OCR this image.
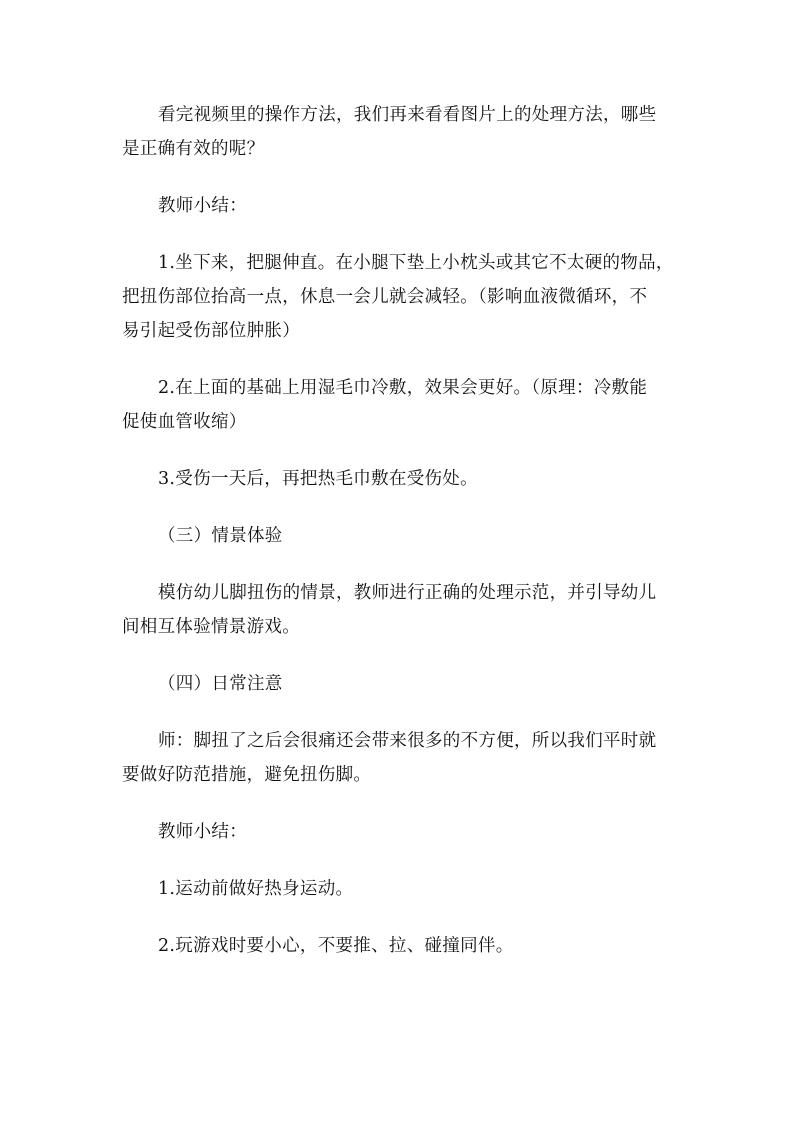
看完视频里的操作方法，我们再来看看图片上的处理方法，哪些
是正确有效的呢？

教师小结：

1.坐下来，把腿伸直。在小腿下垫上小枕头或其它不太硬的物品，
把扭伤部位抬高一点，休息一会儿就会减轻。（影响血液微循环，不
易引起受伤部位肿胀）

2.在上面的基础上用湿毛巾冷敷，效果会更好。（原理：冷敷能
促使血管收缩）

3.受伤一天后，再把热毛巾敷在受伤处。

（三）情景体验

模仿幼儿脚扭伤的情景，教师进行正确的处理示范，并引导幼儿
间相互体验情景游戏。

（四）日常注意

师：脚扭了之后会很痛还会带来很多的不方便，所以我们平时就
要做好防范措施，避免扭伤脚。

教师小结：

1.运动前做好热身运动。

2.玩游戏时要小心，不要推、拉、碰撞同伴。
